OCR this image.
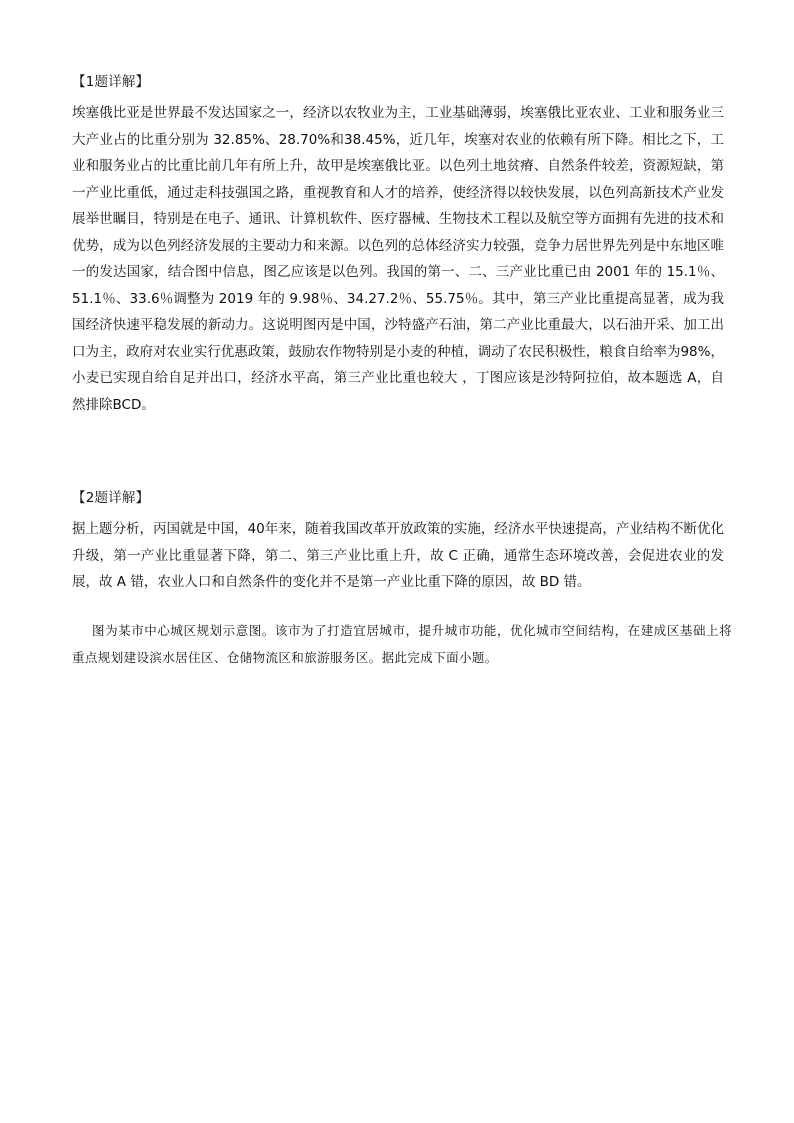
【1题详解】

埃塞俄比亚是世界最不发达国家之一，经济以农牧业为主，工业基础薄弱，埃塞俄比亚农业、工业和服务业三大产业占的比重分别为 32.85%、28.70%和38.45%，近几年，埃塞对农业的依赖有所下降。相比之下，工业和服务业占的比重比前几年有所上升，故甲是埃塞俄比亚。以色列土地贫瘠、自然条件较差，资源短缺，第一产业比重低，通过走科技强国之路，重视教育和人才的培养，使经济得以较快发展，以色列高新技术产业发展举世瞩目，特别是在电子、通讯、计算机软件、医疗器械、生物技术工程以及航空等方面拥有先进的技术和优势，成为以色列经济发展的主要动力和来源。以色列的总体经济实力较强，竞争力居世界先列是中东地区唯一的发达国家，结合图中信息，图乙应该是以色列。我国的第一、二、三产业比重已由 2001 年的 15.1％、51.1％、33.6％调整为 2019 年的 9.98％、34.27.2％、55.75％。其中，第三产业比重提高显著，成为我国经济快速平稳发展的新动力。这说明图丙是中国，沙特盛产石油，第二产业比重最大，以石油开采、加工出口为主，政府对农业实行优惠政策，鼓励农作物特别是小麦的种植，调动了农民积极性，粮食自给率为98%，小麦已实现自给自足并出口，经济水平高，第三产业比重也较大 ，丁图应该是沙特阿拉伯，故本题选 A，自然排除BCD。

【2题详解】

据上题分析，丙国就是中国，40年来，随着我国改革开放政策的实施，经济水平快速提高，产业结构不断优化升级，第一产业比重显著下降，第二、第三产业比重上升，故 C 正确，通常生态环境改善，会促进农业的发展，故 A 错，农业人口和自然条件的变化并不是第一产业比重下降的原因，故 BD 错。

图为某市中心城区规划示意图。该市为了打造宜居城市，提升城市功能，优化城市空间结构，在建成区基础上将重点规划建设滨水居住区、仓储物流区和旅游服务区。据此完成下面小题。
